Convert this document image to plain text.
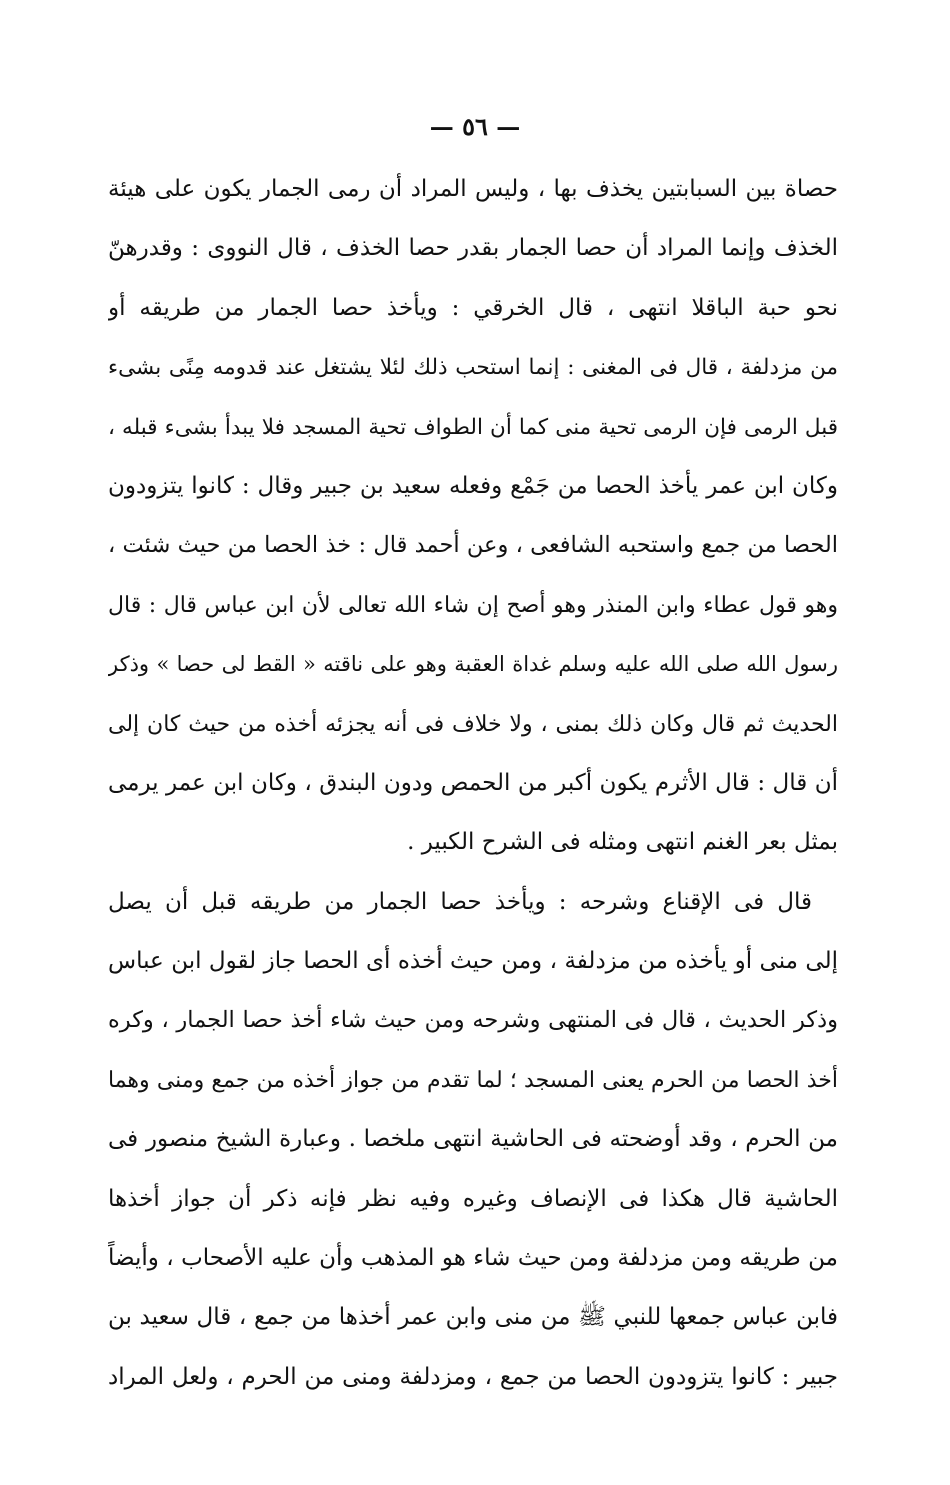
— ٥٦ —
حصاة بين السبابتين يخذف بها ، وليس المراد أن رمى الجمار يكون على هيئة
الخذف وإنما المراد أن حصا الجمار بقدر حصا الخذف ، قال النووى : وقدرهنّ
نحو حبة الباقلا انتهى ، قال الخرقي : ويأخذ حصا الجمار من طريقه أو
من مزدلفة ، قال فى المغنى : إنما استحب ذلك لئلا يشتغل عند قدومه مِنًى بشىء
قبل الرمى فإن الرمى تحية منى كما أن الطواف تحية المسجد فلا يبدأ بشىء قبله ،
وكان ابن عمر يأخذ الحصا من جَمْع وفعله سعيد بن جبير وقال : كانوا يتزودون
الحصا من جمع واستحبه الشافعى ، وعن أحمد قال : خذ الحصا من حيث شئت ،
وهو قول عطاء وابن المنذر وهو أصح إن شاء الله تعالى لأن ابن عباس قال : قال
رسول الله صلى الله عليه وسلم غداة العقبة وهو على ناقته « القط لى حصا » وذكر
الحديث ثم قال وكان ذلك بمنى ، ولا خلاف فى أنه يجزئه أخذه من حيث كان إلى
أن قال : قال الأثرم يكون أكبر من الحمص ودون البندق ، وكان ابن عمر يرمى
بمثل بعر الغنم انتهى ومثله فى الشرح الكبير .
قال فى الإقناع وشرحه : ويأخذ حصا الجمار من طريقه قبل أن يصل
إلى منى أو يأخذه من مزدلفة ، ومن حيث أخذه أى الحصا جاز لقول ابن عباس
وذكر الحديث ، قال فى المنتهى وشرحه ومن حيث شاء أخذ حصا الجمار ، وكره
أخذ الحصا من الحرم يعنى المسجد ؛ لما تقدم من جواز أخذه من جمع ومنى وهما
من الحرم ، وقد أوضحته فى الحاشية انتهى ملخصا . وعبارة الشيخ منصور فى
الحاشية قال هكذا فى الإنصاف وغيره وفيه نظر فإنه ذكر أن جواز أخذها
من طريقه ومن مزدلفة ومن حيث شاء هو المذهب وأن عليه الأصحاب ، وأيضاً
فابن عباس جمعها للنبي ﷺ من منى وابن عمر أخذها من جمع ، قال سعيد بن
جبير : كانوا يتزودون الحصا من جمع ، ومزدلفة ومنى من الحرم ، ولعل المراد
